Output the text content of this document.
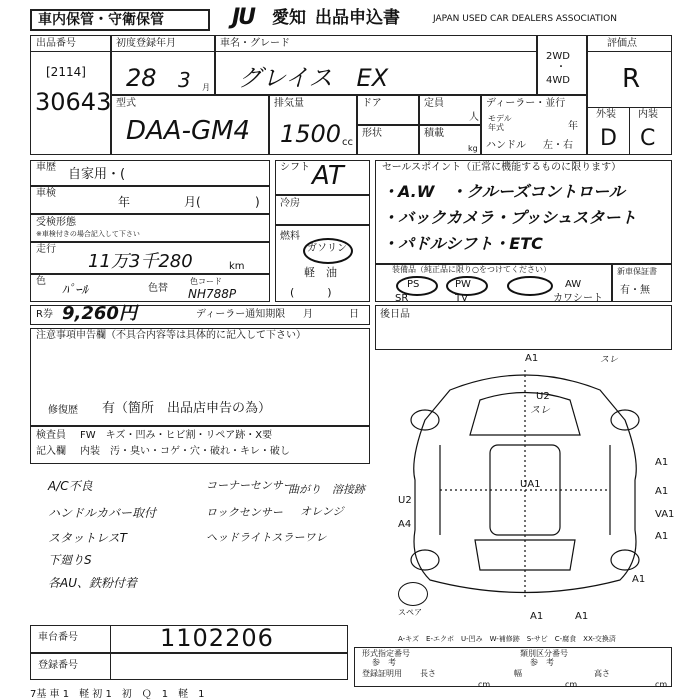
車内保管・守衛保管	JU 愛知 出品申込書	JAPAN USED CAR DEALERS ASSOCIATION
出品番号
[2114]
30643
初度登録年月
28 3 月
車名・グレード
グレイス　EX
2WD
・
4WD
評価点
R
外装 内装
D C
型式
DAA-GM4
排気量
1500 cc
ドア
形状
定員
人
積載
kg
ディーラー・並行
モデル
年式	年
ハンドル 左・右
車歴 自家用・(
車検
年	月(	)
受検形態
※車検付きの場合記入して下さい
走行
11万3千280	km
色
ﾊﾟｰﾙ	色替
色コード
NH788P
シフト AT
冷房
燃料
ガソリン
軽　油
(　　　)
セールスポイント（正常に機能するものに限ります）
・A.W　・クルーズコントロール
・バックカメラ・プッシュスタート
・パドルシフト・ETC
装備品（純正品に限り○をつけてください）
PS	PW	AW
SR	TV	カワシート
新車保証書
有・無
R券 9,260円	ディーラー通知期限 月	日 後日品
注意事項申告欄（不具合内容等は具体的に記入して下さい）
修復歴 有（箇所　出品店申告の為）
検査員
記入欄
FW　キズ・凹み・ヒビ割・リペア跡・X要
内装　汚・臭い・コゲ・穴・破れ・キレ・破し
A/C不良
ハンドルカバー取付
スタットレスT
下廻りS
各AU、鉄粉付着
コーナーセンサー
ロックセンサー
ヘッドライトスラーワレ
曲がり　溶接跡
オレンジ
A1	スレ
U2
スレ
A1
A1
VA1
A1
U2
A4
UA1
A1
A1	A1
スペア
車台番号	1102206
登録番号
A-キズ　E-エクボ　U-凹み　W-補修跡　S-サビ　C-腐食　XX-交換済
形式指定番号	類別区分番号
参　考	参　考
登録証明用 長さ	幅	高さ
cm	cm	cm
7基 車 1　軽 初 1　初　Ｑ　1　軽　1
